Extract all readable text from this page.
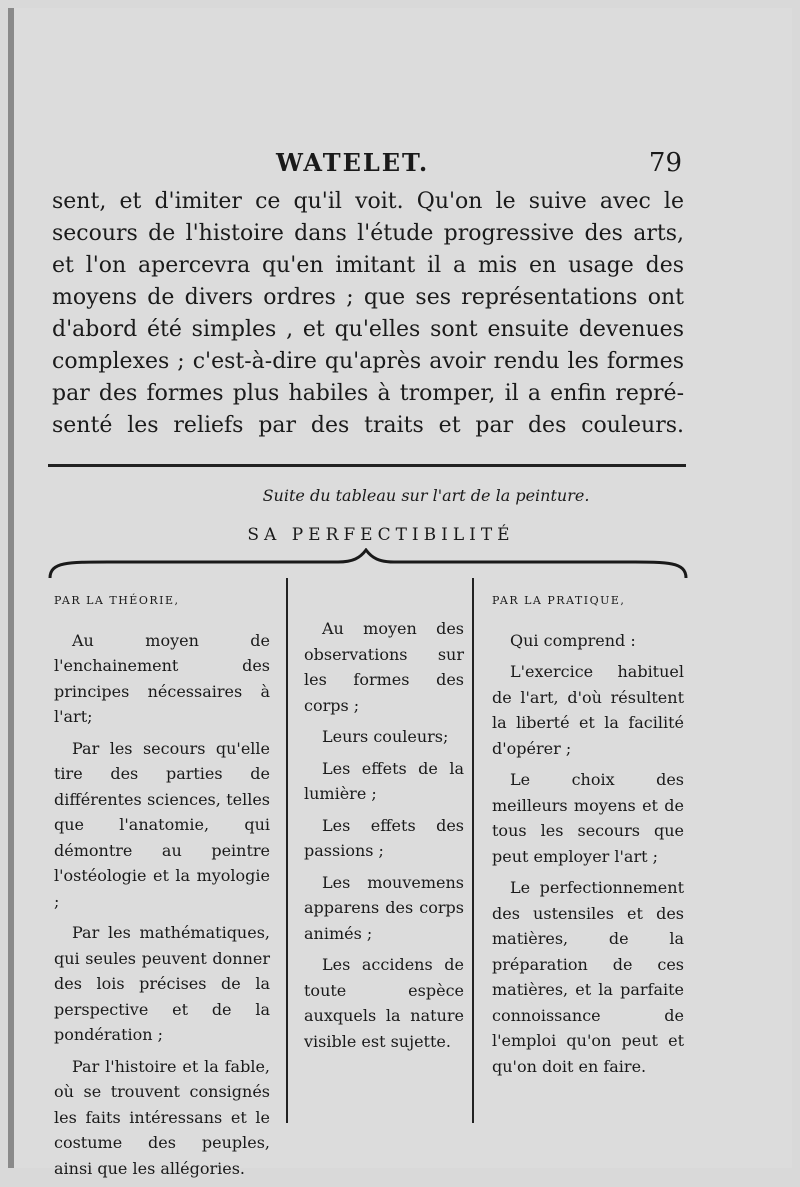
WATELET.	79
sent, et d'imiter ce qu'il voit. Qu'on le suive avec le
secours de l'histoire dans l'étude progressive des arts,
et l'on apercevra qu'en imitant il a mis en usage des
moyens de divers ordres ; que ses représentations ont
d'abord été simples , et qu'elles sont ensuite devenues
complexes ; c'est-à-dire qu'après avoir rendu les formes
par des formes plus habiles à tromper, il a enfin repré-
senté les reliefs par des traits et par des couleurs.
Suite du tableau sur l'art de la peinture.
SA PERFECTIBILITÉ
PAR LA THÉORIE,

Au moyen de l'enchainement des principes nécessaires à l'art;

Par les secours qu'elle tire des parties de différentes sciences, telles que l'anatomie, qui démontre au peintre l'ostéologie et la myologie ;

Par les mathématiques, qui seules peuvent donner des lois précises de la perspective et de la pondération ;

Par l'histoire et la fable, où se trouvent consignés les faits intéressans et le costume des peuples, ainsi que les allégories.

Au moyen des observations sur les formes des corps ;

Leurs couleurs;

Les effets de la lumière ;

Les effets des passions ;

Les mouvemens apparens des corps animés ;

Les accidens de toute espèce auxquels la nature visible est sujette.

PAR LA PRATIQUE,

Qui comprend :

L'exercice habituel de l'art, d'où résultent la liberté et la facilité d'opérer ;

Le choix des meilleurs moyens et de tous les secours que peut employer l'art ;

Le perfectionnement des ustensiles et des matières, de la préparation de ces matières, et la parfaite connoissance de l'emploi qu'on peut et qu'on doit en faire.
